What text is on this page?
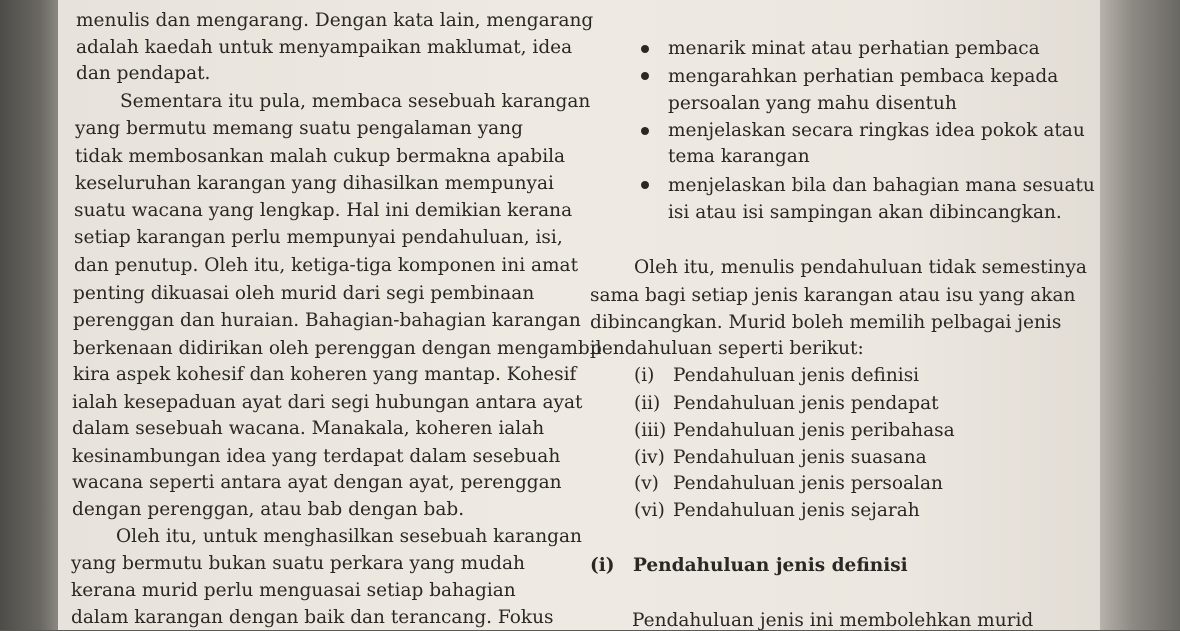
menulis dan mengarang. Dengan kata lain, mengarang
adalah kaedah untuk menyampaikan maklumat, idea
dan pendapat.
Sementara itu pula, membaca sesebuah karangan
yang bermutu memang suatu pengalaman yang
tidak membosankan malah cukup bermakna apabila
keseluruhan karangan yang dihasilkan mempunyai
suatu wacana yang lengkap. Hal ini demikian kerana
setiap karangan perlu mempunyai pendahuluan, isi,
dan penutup. Oleh itu, ketiga-tiga komponen ini amat
penting dikuasai oleh murid dari segi pembinaan
perenggan dan huraian. Bahagian-bahagian karangan
berkenaan didirikan oleh perenggan dengan mengambil
kira aspek kohesif dan koheren yang mantap. Kohesif
ialah kesepaduan ayat dari segi hubungan antara ayat
dalam sesebuah wacana. Manakala, koheren ialah
kesinambungan idea yang terdapat dalam sesebuah
wacana seperti antara ayat dengan ayat, perenggan
dengan perenggan, atau bab dengan bab.
Oleh itu, untuk menghasilkan sesebuah karangan
yang bermutu bukan suatu perkara yang mudah
kerana murid perlu menguasai setiap bahagian
dalam karangan dengan baik dan terancang. Fokus
menarik minat atau perhatian pembaca
mengarahkan perhatian pembaca kepada
persoalan yang mahu disentuh
menjelaskan secara ringkas idea pokok atau
tema karangan
menjelaskan bila dan bahagian mana sesuatu
isi atau isi sampingan akan dibincangkan.
Oleh itu, menulis pendahuluan tidak semestinya
sama bagi setiap jenis karangan atau isu yang akan
dibincangkan. Murid boleh memilih pelbagai jenis
pendahuluan seperti berikut:
(i) Pendahuluan jenis definisi
(ii) Pendahuluan jenis pendapat
(iii) Pendahuluan jenis peribahasa
(iv) Pendahuluan jenis suasana
(v) Pendahuluan jenis persoalan
(vi) Pendahuluan jenis sejarah
(i) Pendahuluan jenis definisi
Pendahuluan jenis ini membolehkan murid
